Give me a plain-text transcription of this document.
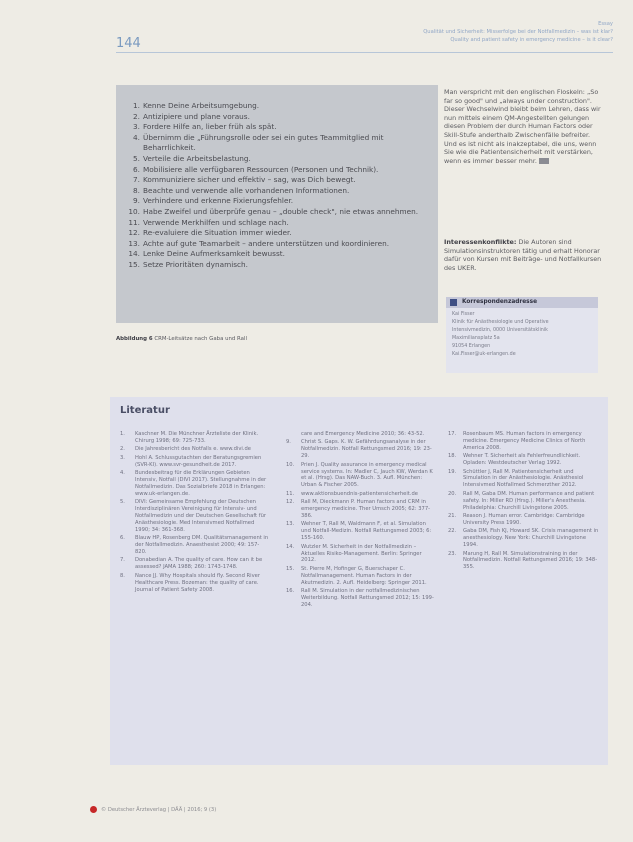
144
Essay
Qualität und Sicherheit: Misserfolge bei der Notfallmedizin – was ist klar?
Quality and patient safety in emergency medicine – is it clear?
1. Kenne Deine Arbeitsumgebung.
2. Antizipiere und plane voraus.
3. Fordere Hilfe an, lieber früh als spät.
4. Übernimm die „Führungsrolle oder sei ein gutes Teammitglied mit Beharrlichkeit.
5. Verteile die Arbeitsbelastung.
6. Mobilisiere alle verfügbaren Ressourcen (Personen und Technik).
7. Kommuniziere sicher und effektiv – sag, was Dich bewegt.
8. Beachte und verwende alle vorhandenen Informationen.
9. Verhindere und erkenne Fixierungsfehler.
10. Habe Zweifel und überprüfe genau – „double check", nie etwas annehmen.
11. Verwende Merkhilfen und schlage nach.
12. Re-evaluiere die Situation immer wieder.
13. Achte auf gute Teamarbeit – andere unterstützen und koordinieren.
14. Lenke Deine Aufmerksamkeit bewusst.
15. Setze Prioritäten dynamisch.
Abbildung 6 CRM-Leitsätze nach Gaba und Rall

Man verspricht mit den englischen Floskeln: „So far so good" und „always under construction".

Dieser Wechselwind bleibt beim Lehren, dass wir nun mittels einem QM-Angestellten gelungen diesen Problem der durch Human Factors oder Skill-Stufe anderthalb Zwischenfälle befreiter. Und es ist nicht als inakzeptabel, die uns, wenn Sie wie die Patientensicherheit mit verstärken, wenn es immer besser mehr.

Interessenkonflikte: Die Autoren sind Simulationsinstruktoren tätig und erhalt Honorar dafür von Kursen mit Beiträge- und Notfallkursen des UKER.
Korrespondenzadresse
Kai Fisser
Klinik für Anästhesiologie und Operative
Intensivmedizin, 0000 Universitätsklinik
Maximiliansplatz 5a
91054 Erlangen
Kai.Fisser@uk-erlangen.de
Literatur
1.	Kaschner M. Die Münchner Ärzteliste der Klinik. Chirurg 1998; 69: 725-733.
2.	Die Jahresbericht des Notfalls e. www.divi.de
3.	Hohl A. Schlussgutachten der Beratungsgremien (SVR-KI). www.svr-gesundheit.de 2017.
4.	Bundesbeitrag für die Erklärungen Gebieten Intensiv, Notfall (DIVI 2017). Stellungnahme in der Notfallmedizin. Das Sozialbriefe 2018 in Erlangen: www.uk-erlangen.de.
5.	DIVI: Gemeinsame Empfehlung der Deutschen Interdisziplinären Vereinigung für Intensiv- und Notfallmedizin und der Deutschen Gesellschaft für Anästhesiologie. Med Intensivmed Notfallmed 1990; 34: 361-368.
6.	Blauw HP, Rosenberg DM. Qualitätsmanagement in der Notfallmedizin. Anaesthesist 2000; 49: 157-820.
7.	Donabedian A. The quality of care. How can it be assessed? JAMA 1988; 260: 1743-1748.
8.	Nance JJ. Why Hospitals should fly. Second River Healthcare Press. Bozeman: the quality of care. Journal of Patient Safety 2008.
care and Emergency Medicine 2010; 36: 43-52.
9.	Christ S. Gaps. K. W. Gefährdungsanalyse in der Notfallmedizin. Notfall Rettungsmed 2016; 19: 23-29.
10.	Prien J. Quality assurance in emergency medical service systems. In: Madler C, Jauch KW, Werdan K et al. (Hrsg). Das NAW-Buch. 3. Aufl. München: Urban & Fischer 2005.
11.	www.aktionsbuendnis-patientensicherheit.de
12.	Rall M, Dieckmann P. Human factors and CRM in emergency medicine. Ther Umsch 2005; 62: 377-386.
13.	Wehner T, Rall M, Waldmann F, et al. Simulation und Notfall-Medizin. Notfall Rettungsmed 2003; 6: 155-160.
14.	Wutzler M. Sicherheit in der Notfallmedizin – Aktuelles Risiko-Management. Berlin: Springer 2012.
15.	St. Pierre M, Hofinger G, Buerschaper C. Notfallmanagement. Human Factors in der Akutmedizin. 2. Aufl. Heidelberg: Springer 2011.
16.	Rall M. Simulation in der notfallmedizinischen Weiterbildung. Notfall Rettungsmed 2012; 15: 199-204.
17.	Rosenbaum MS. Human factors in emergency medicine. Emergency Medicine Clinics of North America 2008.
18.	Wehner T. Sicherheit als Fehlerfreundlichkeit. Opladen: Westdeutscher Verlag 1992.
19.	Schüttler J, Rall M. Patientensicherheit und Simulation in der Anästhesiologie. Anästhesiol Intensivmed Notfallmed Schmerzther 2012.
20.	Rall M, Gaba DM. Human performance and patient safety. In: Miller RD (Hrsg.). Miller's Anesthesia. Philadelphia: Churchill Livingstone 2005.
21.	Reason J. Human error. Cambridge: Cambridge University Press 1990.
22.	Gaba DM, Fish KJ, Howard SK. Crisis management in anesthesiology. New York: Churchill Livingstone 1994.
23.	Marung H, Rall M. Simulationstraining in der Notfallmedizin. Notfall Rettungsmed 2016; 19: 348-355.
© Deutscher Ärzteverlag | DÄÄ | 2016; 9 (3)
